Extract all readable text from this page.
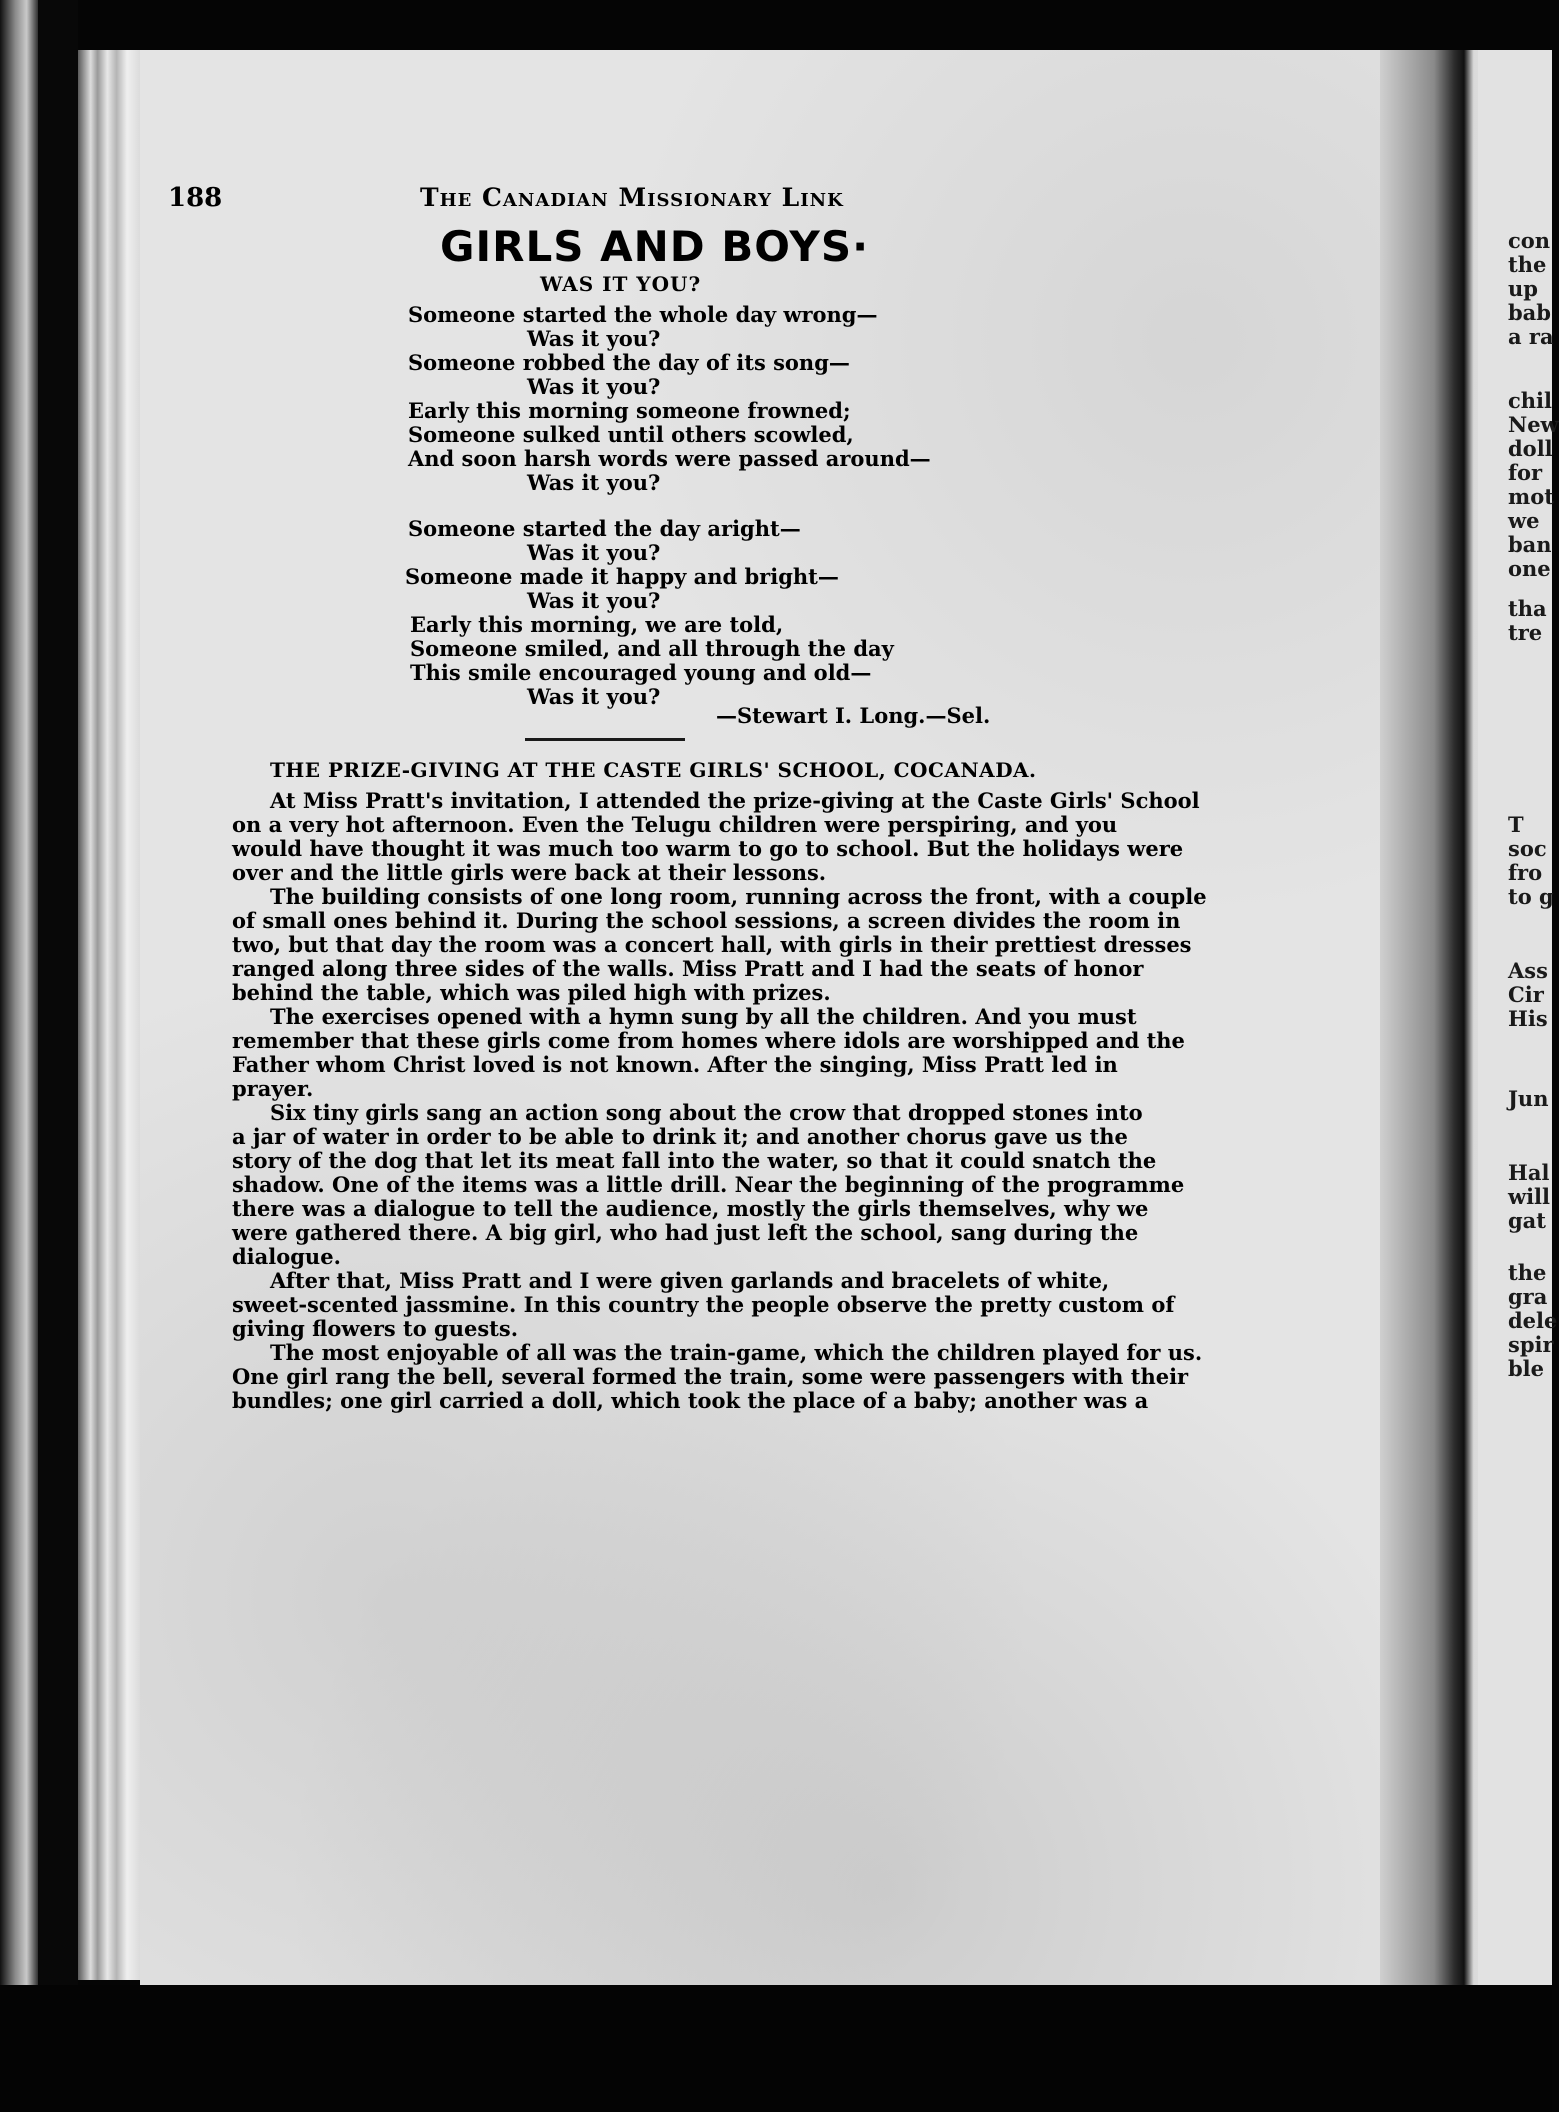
con
the
up
bab
a ra
chil
New
doll
for
mot
we
ban
one
tha
tre
T
soc
fro
to g
Ass
Cir
His
Jun
Hal
will
gat
the
gra
dele
spir
ble
188	The Canadian Missionary Link
GIRLS AND BOYS·
WAS IT YOU?
Someone started the whole day wrong—
Was it you?
Someone robbed the day of its song—
Was it you?
Early this morning someone frowned;
Someone sulked until others scowled,
And soon harsh words were passed around—
Was it you?
Someone started the day aright—
Was it you?
Someone made it happy and bright—
Was it you?
Early this morning, we are told,
Someone smiled, and all through the day
This smile encouraged young and old—
Was it you?
—Stewart I. Long.—Sel.
THE PRIZE-GIVING AT THE CASTE GIRLS' SCHOOL, COCANADA.
At Miss Pratt's invitation, I attended the prize-giving at the Caste Girls' School
on a very hot afternoon. Even the Telugu children were perspiring, and you
would have thought it was much too warm to go to school. But the holidays were
over and the little girls were back at their lessons.
The building consists of one long room, running across the front, with a couple
of small ones behind it. During the school sessions, a screen divides the room in
two, but that day the room was a concert hall, with girls in their prettiest dresses
ranged along three sides of the walls. Miss Pratt and I had the seats of honor
behind the table, which was piled high with prizes.
The exercises opened with a hymn sung by all the children. And you must
remember that these girls come from homes where idols are worshipped and the
Father whom Christ loved is not known. After the singing, Miss Pratt led in
prayer.
Six tiny girls sang an action song about the crow that dropped stones into
a jar of water in order to be able to drink it; and another chorus gave us the
story of the dog that let its meat fall into the water, so that it could snatch the
shadow. One of the items was a little drill. Near the beginning of the programme
there was a dialogue to tell the audience, mostly the girls themselves, why we
were gathered there. A big girl, who had just left the school, sang during the
dialogue.
After that, Miss Pratt and I were given garlands and bracelets of white,
sweet-scented jassmine. In this country the people observe the pretty custom of
giving flowers to guests.
The most enjoyable of all was the train-game, which the children played for us.
One girl rang the bell, several formed the train, some were passengers with their
bundles; one girl carried a doll, which took the place of a baby; another was a
